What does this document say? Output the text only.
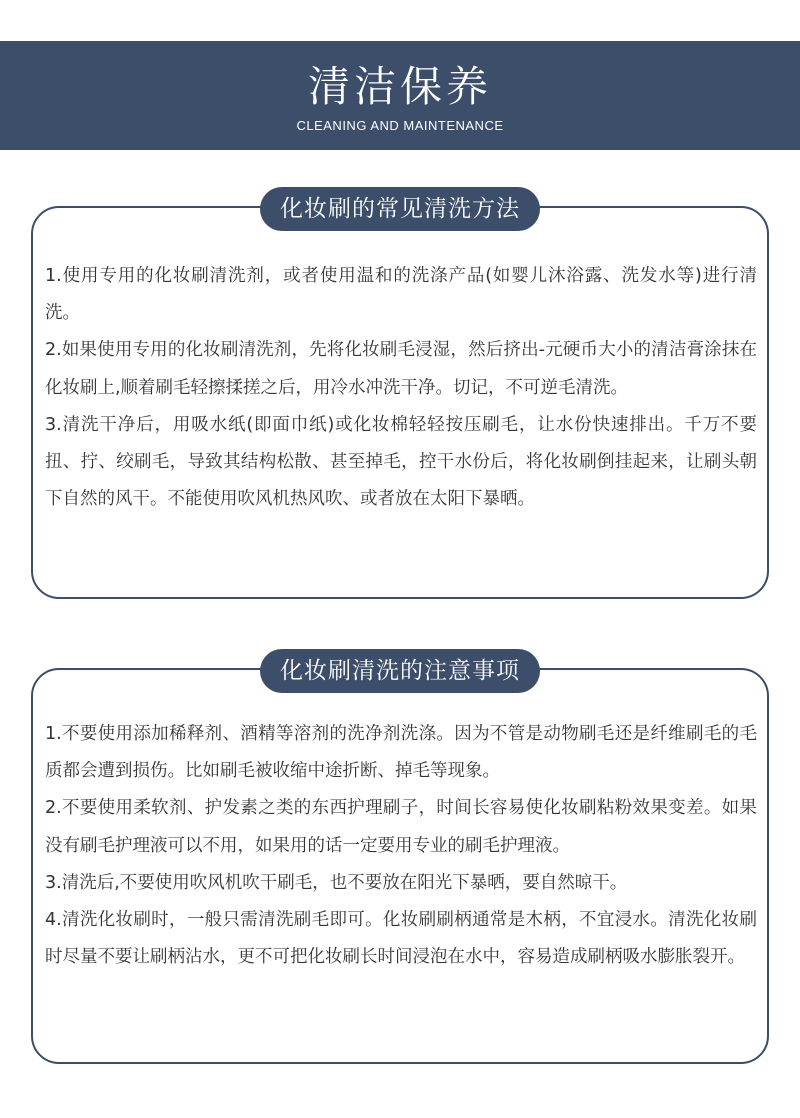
清洁保养
CLEANING AND MAINTENANCE
化妆刷的常见清洗方法
1.使用专用的化妆刷清洗剂，或者使用温和的洗涤产品(如婴儿沐浴露、洗发水等)进行清洗。
2.如果使用专用的化妆刷清洗剂，先将化妆刷毛浸湿，然后挤出-元硬币大小的清洁膏涂抹在化妆刷上,顺着刷毛轻擦揉搓之后，用冷水冲洗干净。切记，不可逆毛清洗。
3.清洗干净后，用吸水纸(即面巾纸)或化妆棉轻轻按压刷毛，让水份快速排出。千万不要扭、拧、绞刷毛，导致其结构松散、甚至掉毛，控干水份后，将化妆刷倒挂起来，让刷头朝下自然的风干。不能使用吹风机热风吹、或者放在太阳下暴晒。
化妆刷清洗的注意事项
1.不要使用添加稀释剂、酒精等溶剂的洗净剂洗涤。因为不管是动物刷毛还是纤维刷毛的毛质都会遭到损伤。比如刷毛被收缩中途折断、掉毛等现象。
2.不要使用柔软剂、护发素之类的东西护理刷子，时间长容易使化妆刷粘粉效果变差。如果没有刷毛护理液可以不用，如果用的话一定要用专业的刷毛护理液。
3.清洗后,不要使用吹风机吹干刷毛，也不要放在阳光下暴晒，要自然晾干。
4.清洗化妆刷时，一般只需清洗刷毛即可。化妆刷刷柄通常是木柄，不宜浸水。清洗化妆刷时尽量不要让刷柄沾水，更不可把化妆刷长时间浸泡在水中，容易造成刷柄吸水膨胀裂开。
